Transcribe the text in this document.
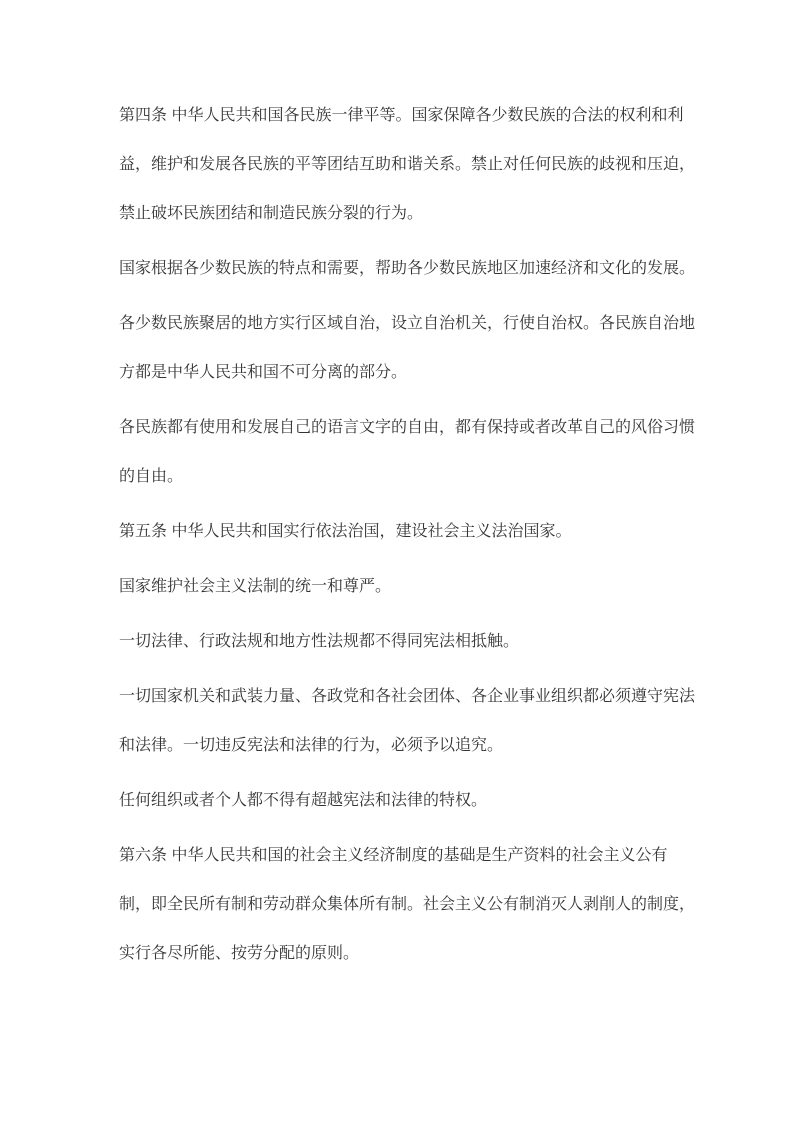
第四条 中华人民共和国各民族一律平等。国家保障各少数民族的合法的权利和利益，维护和发展各民族的平等团结互助和谐关系。禁止对任何民族的歧视和压迫，禁止破坏民族团结和制造民族分裂的行为。

国家根据各少数民族的特点和需要，帮助各少数民族地区加速经济和文化的发展。

各少数民族聚居的地方实行区域自治，设立自治机关，行使自治权。各民族自治地方都是中华人民共和国不可分离的部分。

各民族都有使用和发展自己的语言文字的自由，都有保持或者改革自己的风俗习惯的自由。

第五条 中华人民共和国实行依法治国，建设社会主义法治国家。

国家维护社会主义法制的统一和尊严。

一切法律、行政法规和地方性法规都不得同宪法相抵触。

一切国家机关和武装力量、各政党和各社会团体、各企业事业组织都必须遵守宪法和法律。一切违反宪法和法律的行为，必须予以追究。

任何组织或者个人都不得有超越宪法和法律的特权。

第六条 中华人民共和国的社会主义经济制度的基础是生产资料的社会主义公有制，即全民所有制和劳动群众集体所有制。社会主义公有制消灭人剥削人的制度，实行各尽所能、按劳分配的原则。
